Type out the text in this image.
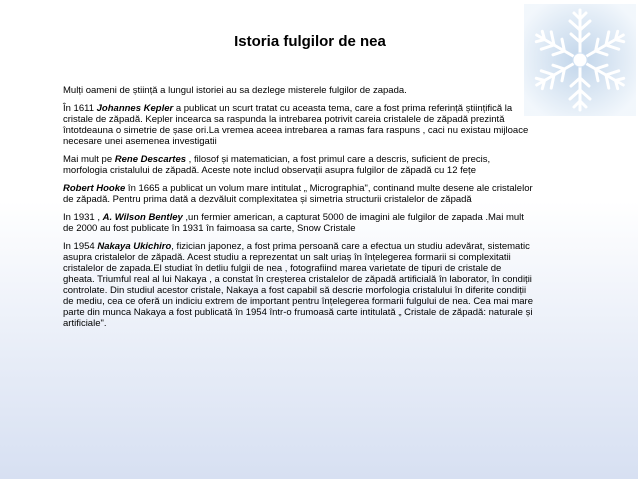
Istoria fulgilor de nea

Mulți oameni de știință a lungul istoriei au sa dezlege misterele fulgilor de zapada.

În 1611 Johannes Kepler a publicat un scurt tratat cu aceasta tema, care a fost prima referință științifică la cristale de zăpadă. Kepler incearca sa raspunda la intrebarea potrivit careia cristalele de zăpadă prezintă întotdeauna o simetrie de șase ori.La vremea aceea intrebarea a ramas fara raspuns , caci nu existau mijloace necesare unei asemenea investigatii

Mai mult pe Rene Descartes , filosof și matematician, a fost primul care a descris, suficient de precis, morfologia cristalului de zăpadă. Aceste note includ observații asupra fulgilor de zăpadă cu 12 fețe

Robert Hooke în 1665 a publicat un volum mare intitulat „ Micrographia", continand multe desene ale cristalelor de zăpadă. Pentru prima dată a dezvăluit complexitatea și simetria structurii cristalelor de zăpadă

In 1931 , A. Wilson Bentley ,un fermier american, a capturat 5000 de imagini ale fulgilor de zapada .Mai mult de 2000 au fost publicate în 1931 în faimoasa sa carte, Snow Cristale

In 1954 Nakaya Ukichiro, fizician japonez, a fost prima persoană care a efectua un studiu adevărat, sistematic asupra cristalelor de zăpadă. Acest studiu a reprezentat un salt uriaș în înțelegerea formarii si complexitatii cristalelor de zapada.El studiat în detliu fulgii de nea , fotografiind marea varietate de tipuri de cristale de gheata. Triumful real al lui Nakaya , a constat în creșterea cristalelor de zăpadă artificială în laborator, în condiții controlate. Din studiul acestor cristale, Nakaya a fost capabil să descrie morfologia cristalului în diferite condiții de mediu, cea ce oferă un indiciu extrem de important pentru înțelegerea formarii fulgului de nea. Cea mai mare parte din munca Nakaya a fost publicată în 1954 într-o frumoasă carte intitulată „ Cristale de zăpadă: naturale și artificiale".
